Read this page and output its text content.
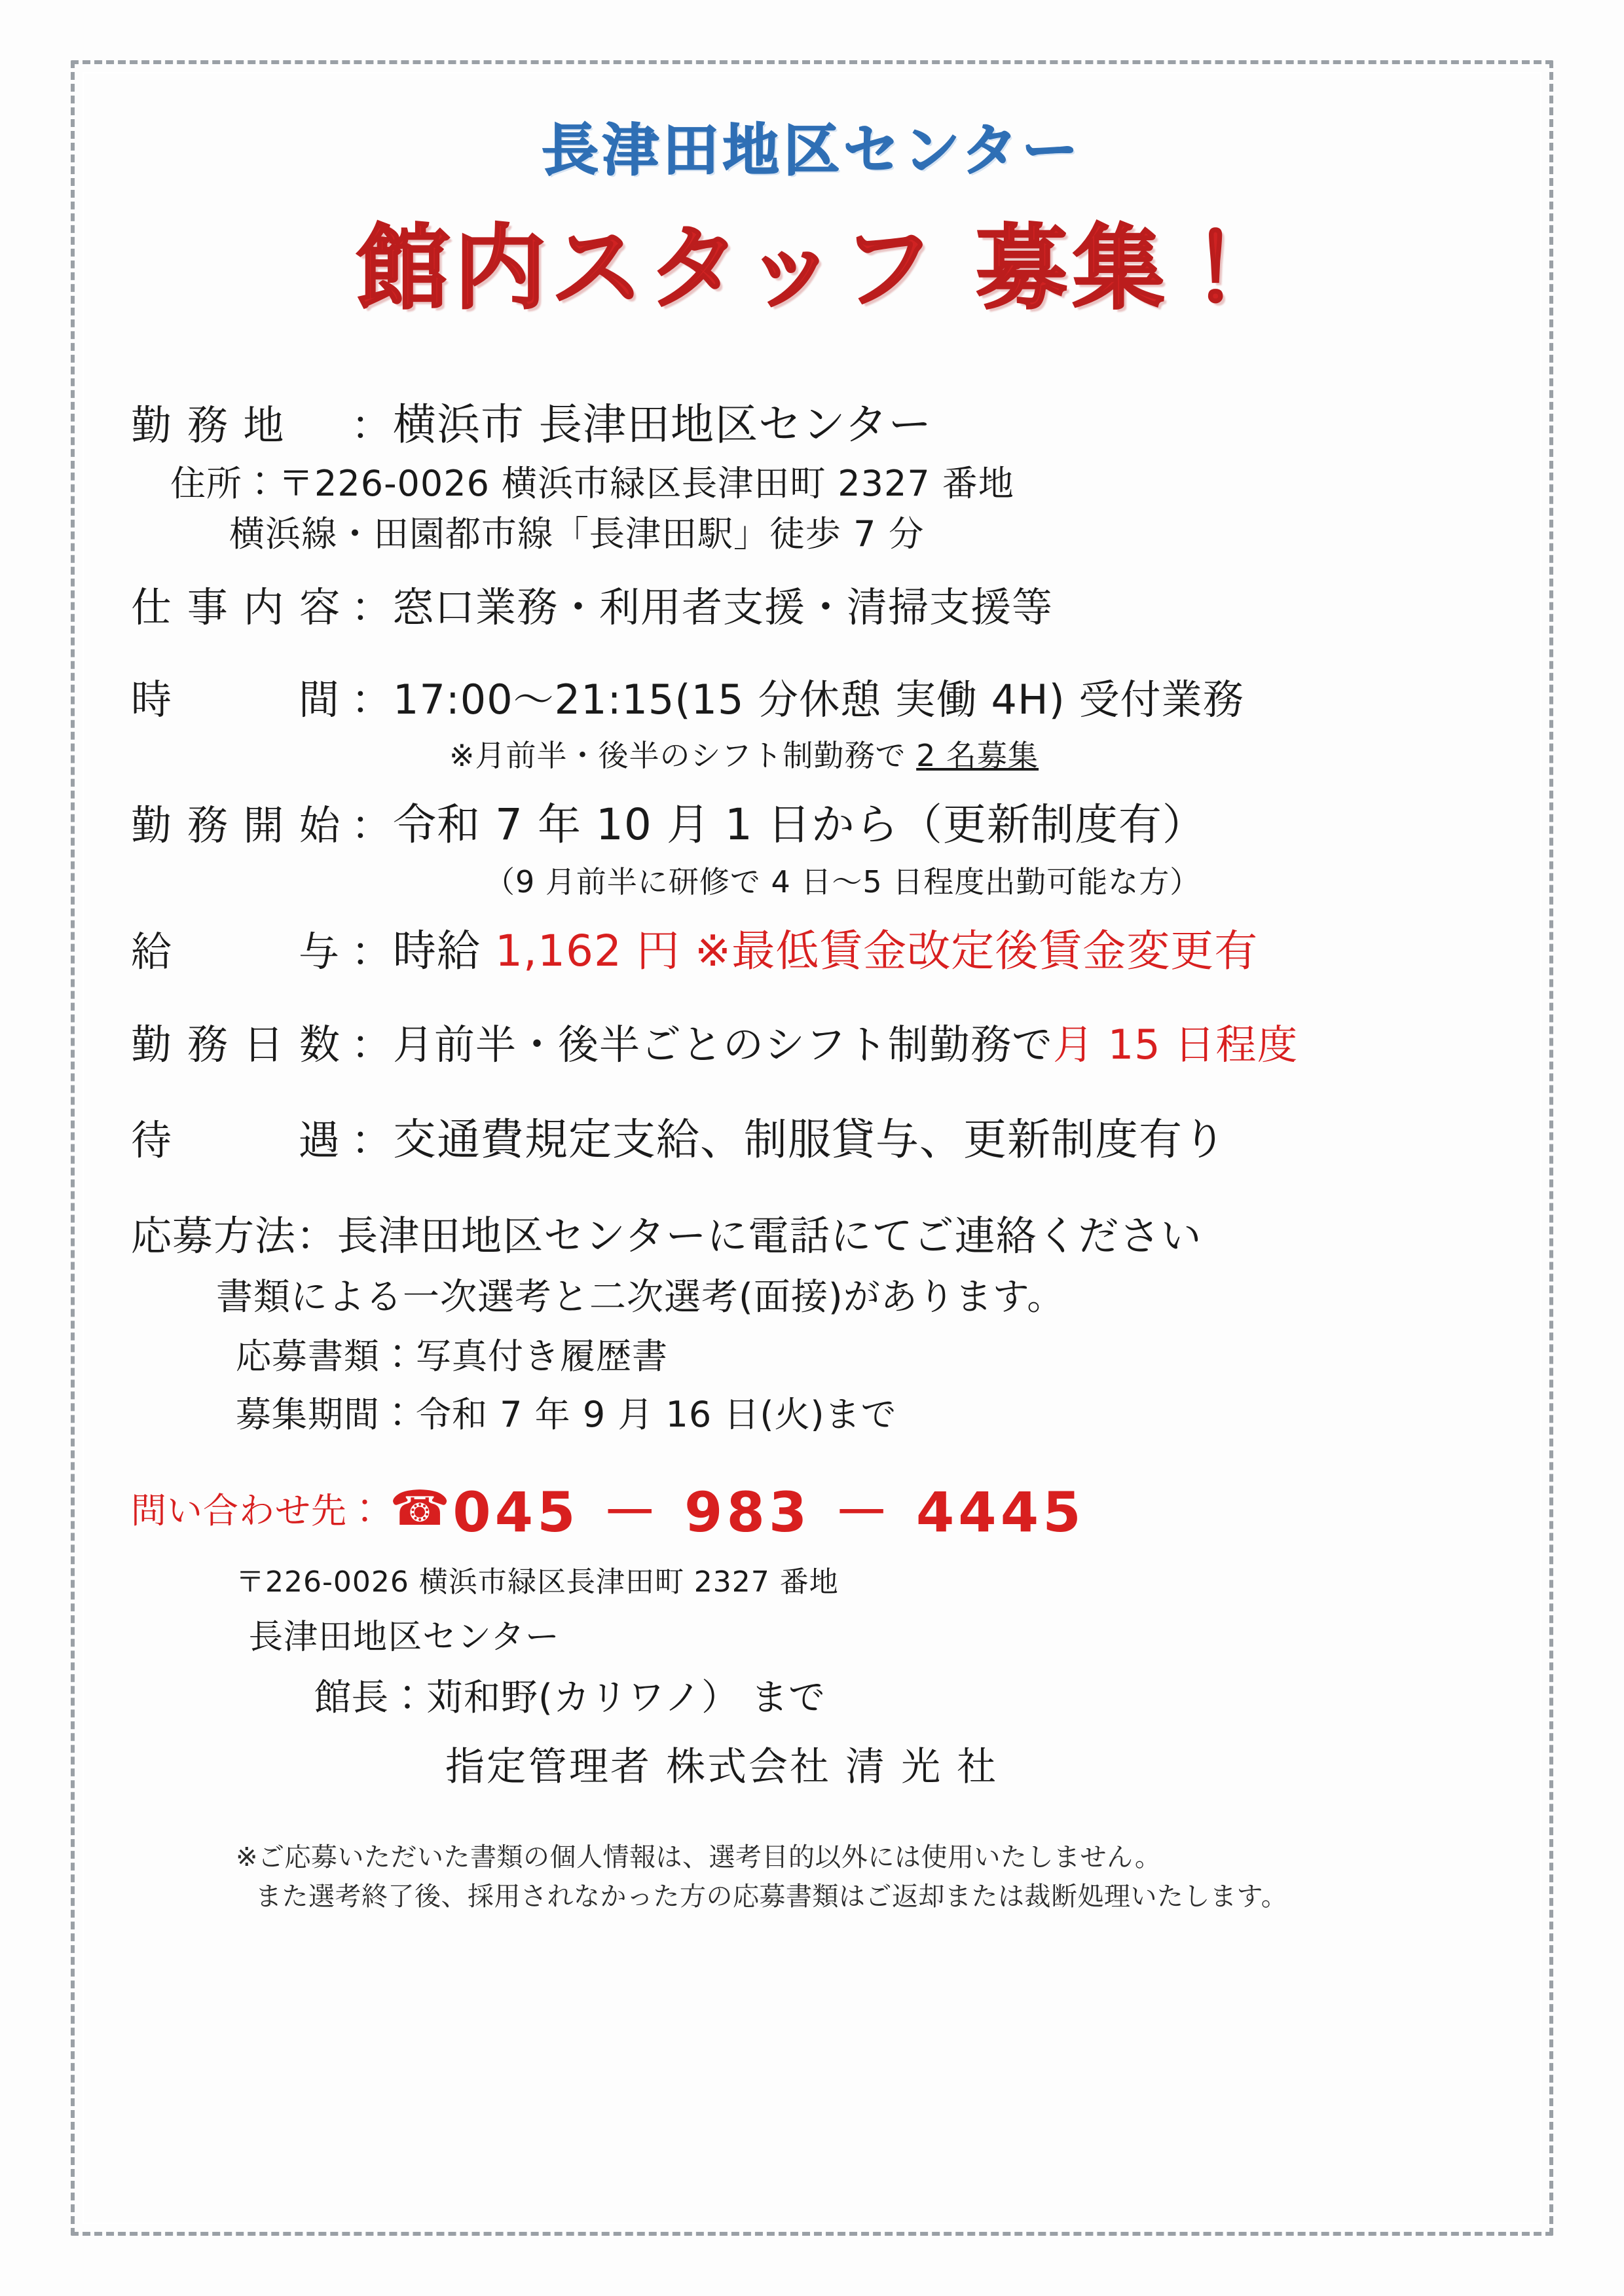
長津田地区センター
館内スタッフ 募集！
勤 務 地 ： 横浜市 長津田地区センター
住所：〒226-0026 横浜市緑区長津田町 2327 番地
横浜線・田園都市線「長津田駅」徒歩 7 分
仕 事 内 容 ： 窓口業務・利用者支援・清掃支援等
時　　　間 ： 17:00〜21:15(15 分休憩 実働 4H) 受付業務
※月前半・後半のシフト制勤務で 2 名募集
勤 務 開 始 ： 令和 7 年 10 月 1 日から（更新制度有）
（9 月前半に研修で 4 日〜5 日程度出勤可能な方）
給　　　与 ： 時給 1,162 円 ※最低賃金改定後賃金変更有
勤 務 日 数 ： 月前半・後半ごとのシフト制勤務で月 15 日程度
待　　　遇 ： 交通費規定支給、制服貸与、更新制度有り
応募方法 ： 長津田地区センターに電話にてご連絡ください
書類による一次選考と二次選考(面接)があります。
応募書類：写真付き履歴書
募集期間：令和 7 年 9 月 16 日(火)まで
問い合わせ先： ☎ 045 － 983 － 4445
〒226-0026 横浜市緑区長津田町 2327 番地
長津田地区センター
館長：苅和野(カリワノ） まで
指定管理者 株式会社 清 光 社
※ご応募いただいた書類の個人情報は、選考目的以外には使用いたしません。
また選考終了後、採用されなかった方の応募書類はご返却または裁断処理いたします。
